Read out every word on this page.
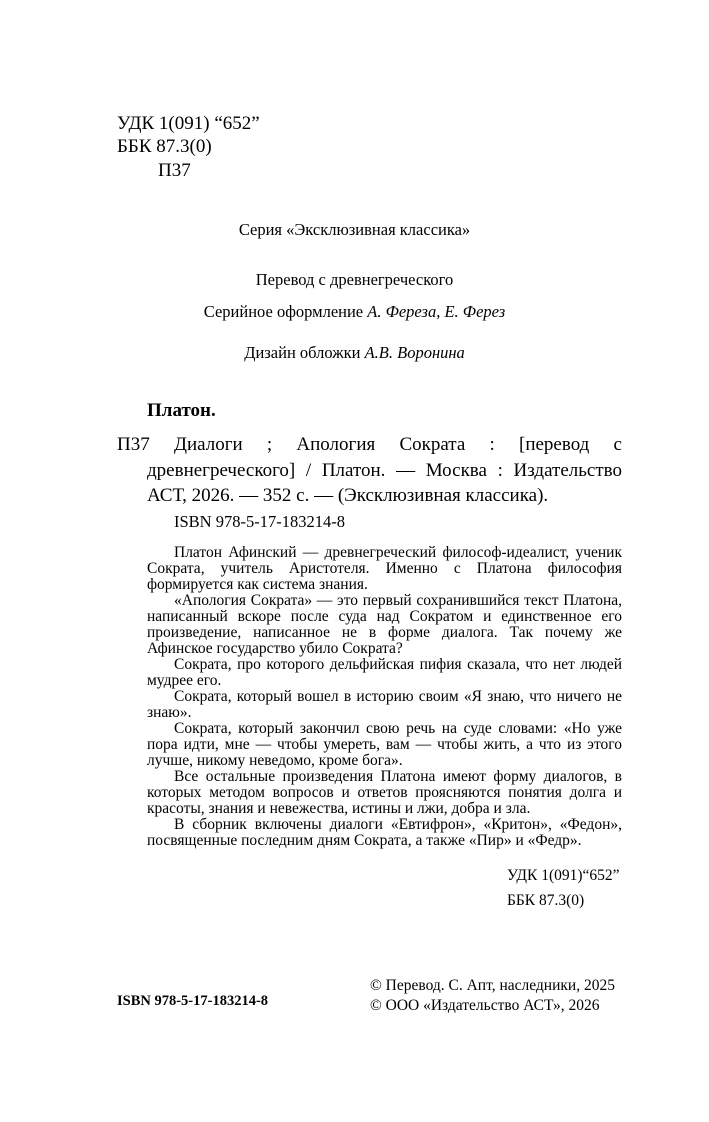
УДК 1(091) “652”
ББК 87.3(0)
П37
Серия «Эксклюзивная классика»
Перевод с древнегреческого
Серийное оформление А. Фереза, Е. Ферез
Дизайн обложки А.В. Воронина
Платон.
П37	Диалоги ; Апология Сократа : [перевод с древнегреческого] / Платон. — Москва : Издательство АСТ, 2026. — 352 с. — (Эксклюзивная классика).
ISBN 978-5-17-183214-8

Платон Афинский — древнегреческий философ-идеалист, ученик Сократа, учитель Аристотеля. Именно с Платона философия формируется как система знания.

«Апология Сократа» — это первый сохранившийся текст Платона, написанный вскоре после суда над Сократом и единственное его произведение, написанное не в форме диалога. Так почему же Афинское государство убило Сократа?

Сократа, про которого дельфийская пифия сказала, что нет людей мудрее его.

Сократа, который вошел в историю своим «Я знаю, что ничего не знаю».

Сократа, который закончил свою речь на суде словами: «Но уже пора идти, мне — чтобы умереть, вам — чтобы жить, а что из этого лучше, никому неведомо, кроме бога».

Все остальные произведения Платона имеют форму диалогов, в которых методом вопросов и ответов проясняются понятия долга и красоты, знания и невежества, истины и лжи, добра и зла.

В сборник включены диалоги «Евтифрон», «Критон», «Федон», посвященные последним дням Сократа, а также «Пир» и «Федр».

УДК 1(091)“652”
ББК 87.3(0)
ISBN 978-5-17-183214-8
© Перевод. С. Апт, наследники, 2025
© ООО «Издательство АСТ», 2026
